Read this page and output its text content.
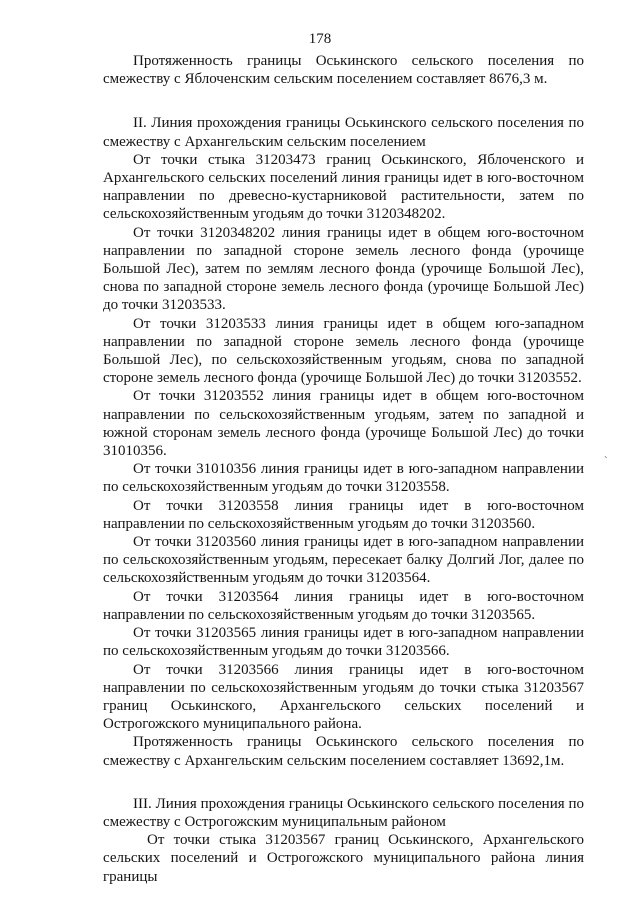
178
`

Протяженность границы Оськинского сельского поселения по смежеству с Яблоченским сельским поселением составляет 8676,3 м.

II. Линия прохождения границы Оськинского сельского поселения по смежеству с Архангельским сельским поселением

От точки стыка 31203473 границ Оськинского, Яблоченского и Архангельского сельских поселений линия границы идет в юго-восточном направлении по древесно-кустарниковой растительности, затем по сельскохозяйственным угодьям до точки 3120348202.

От точки 3120348202 линия границы идет в общем юго-восточном направлении по западной стороне земель лесного фонда (урочище Большой Лес), затем по землям лесного фонда (урочище Большой Лес), снова по западной стороне земель лесного фонда (урочище Большой Лес) до точки 31203533.

От точки 31203533 линия границы идет в общем юго-западном направлении по западной стороне земель лесного фонда (урочище Большой Лес), по сельскохозяйственным угодьям, снова по западной стороне земель лесного фонда (урочище Большой Лес) до точки 31203552.

От точки 31203552 линия границы идет в общем юго-восточном направлении по сельскохозяйственным угодьям, затем по западной и южной сторонам земель лесного фонда (урочище Большой Лес) до точки 31010356.

От точки 31010356 линия границы идет в юго-западном направлении по сельскохозяйственным угодьям до точки 31203558.

От точки 31203558 линия границы идет в юго-восточном направлении по сельскохозяйственным угодьям до точки 31203560.

От точки 31203560 линия границы идет в юго-западном направлении по сельскохозяйственным угодьям, пересекает балку Долгий Лог, далее по сельскохозяйственным угодьям до точки 31203564.

От точки 31203564 линия границы идет в юго-восточном направлении по сельскохозяйственным угодьям до точки 31203565.

От точки 31203565 линия границы идет в юго-западном направлении по сельскохозяйственным угодьям до точки 31203566.

От точки 31203566 линия границы идет в юго-восточном направлении по сельскохозяйственным угодьям до точки стыка 31203567 границ Оськинского, Архангельского сельских поселений и Острогожского муниципального района.

Протяженность границы Оськинского сельского поселения по смежеству с Архангельским сельским поселением составляет 13692,1м.

III. Линия прохождения границы Оськинского сельского поселения по смежеству с Острогожским муниципальным районом

От точки стыка 31203567 границ Оськинского, Архангельского сельских поселений и Острогожского муниципального района линия границы
